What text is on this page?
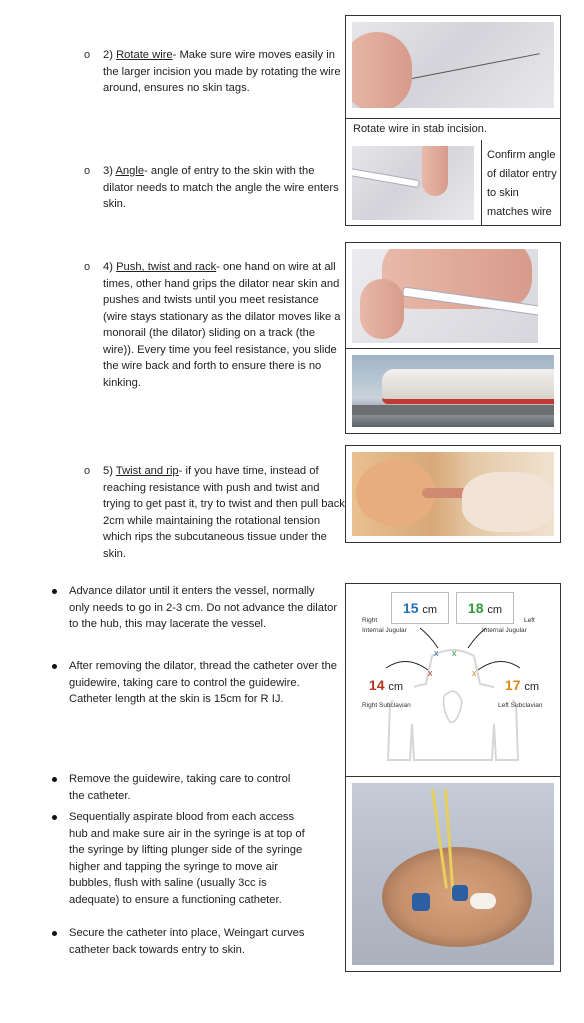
o 2) Rotate wire- Make sure wire moves easily in the larger incision you made by rotating the wire around, ensures no skin tags.
Rotate wire in stab incision.
o 3) Angle- angle of entry to the skin with the dilator needs to match the angle the wire enters skin.
Confirm angle of dilator entry to skin matches wire
o 4) Push, twist and rack- one hand on wire at all times, other hand grips the dilator near skin and pushes and twists until you meet resistance (wire stays stationary as the dilator moves like a monorail (the dilator) sliding on a track (the wire)). Every time you feel resistance, you slide the wire back and forth to ensure there is no kinking.
o 5) Twist and rip- if you have time, instead of reaching resistance with push and twist and trying to get past it, try to twist and then pull back 2cm while maintaining the rotational tension which rips the subcutaneous tissue under the skin.
Advance dilator until it enters the vessel, normally only needs to go in 2-3 cm. Do not advance the dilator to the hub, this may lacerate the vessel.
After removing the dilator, thread the catheter over the guidewire, taking care to control the guidewire. Catheter length at the skin is 15cm for R IJ.
15 cm	18 cm
Right
Internal Jugular
Left
Internal Jugular
x x
x	x
14 cm	17 cm
Right Subclavian	Left Subclavian
Remove the guidewire, taking care to control the catheter.
Sequentially aspirate blood from each access hub and make sure air in the syringe is at top of the syringe by lifting plunger side of the syringe higher and tapping the syringe to move air bubbles, flush with saline (usually 3cc is adequate) to ensure a functioning catheter.
Secure the catheter into place, Weingart curves catheter back towards entry to skin.
